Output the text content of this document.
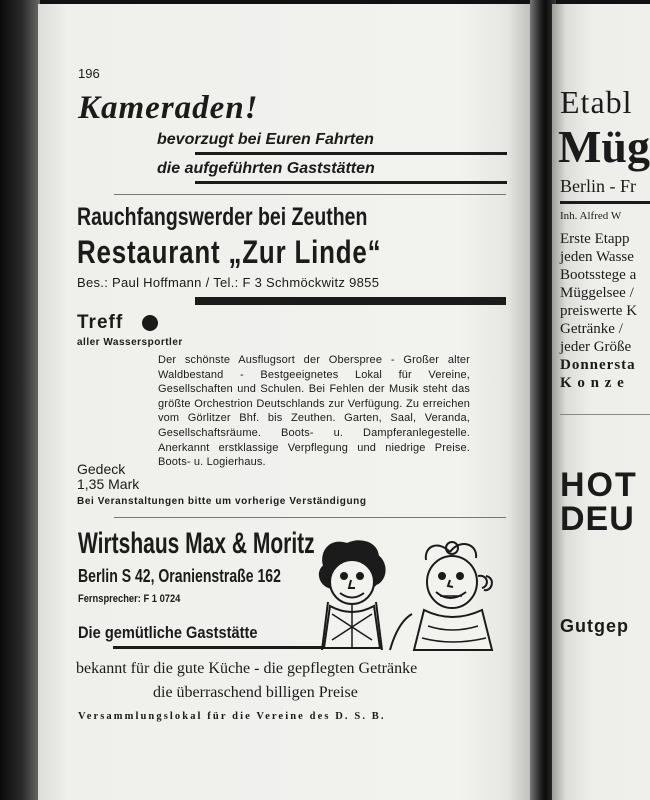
196
Kameraden!
bevorzugt bei Euren Fahrten
die aufgeführten Gaststätten
Rauchfangswerder bei Zeuthen
Restaurant „Zur Linde“
Bes.: Paul Hoffmann / Tel.: F 3 Schmöckwitz 9855
Treff
aller Wassersportler
Der schönste Ausflugsort der Oberspree - Großer alter Waldbestand - Bestgeeignetes Lokal für Vereine, Gesellschaften und Schulen. Bei Fehlen der Musik steht das größte Orchestrion Deutschlands zur Verfügung. Zu erreichen vom Görlitzer Bhf. bis Zeuthen. Garten, Saal, Veranda, Gesellschaftsräume. Boots- u. Dampferanlegestelle. Anerkannt erstklassige Verpflegung und niedrige Preise. Boots- u. Logierhaus.
Gedeck
1,35 Mark
Bei Veranstaltungen bitte um vorherige Verständigung
Wirtshaus Max & Moritz
Berlin S 42, Oranienstraße 162
Fernsprecher: F 1 0724
Die gemütliche Gaststätte
bekannt für die gute Küche - die gepflegten Getränke
die überraschend billigen Preise
Versammlungslokal für die Vereine des D. S. B.
Etabl
Müg
Berlin - Fr
Inh. Alfred W
Erste Etapp
jeden Wasse
Bootsstege a
Müggelsee /
preiswerte K
Getränke /
jeder Größe
Donnersta
K o n z e
HOT
DEU
Gutgep
